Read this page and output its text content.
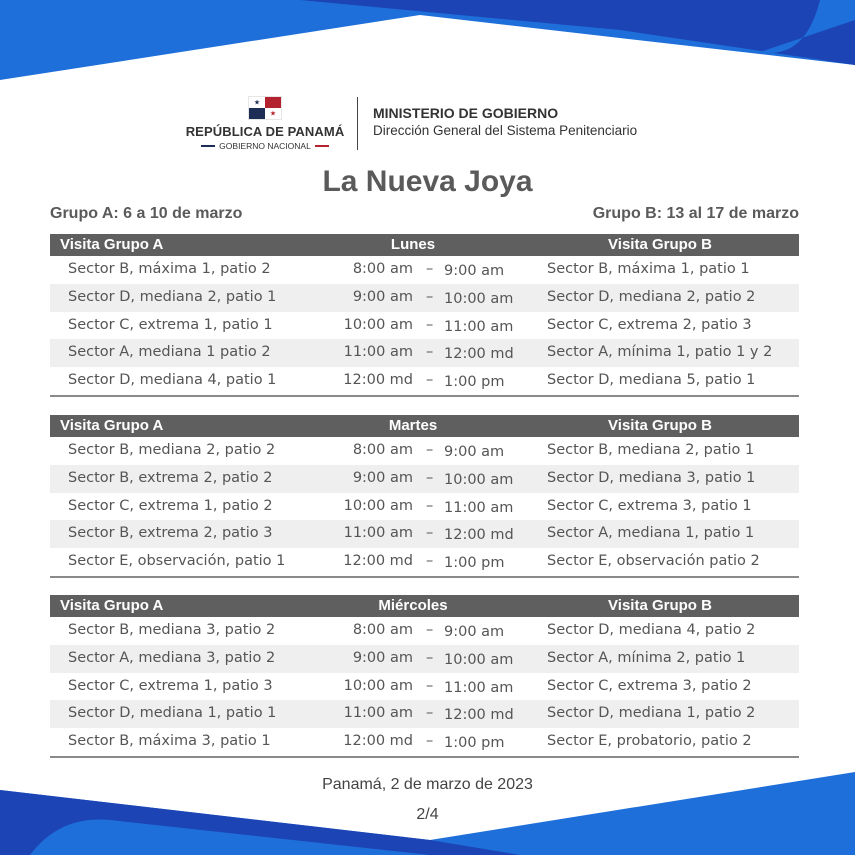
★
★
REPÚBLICA DE PANAMÁ
GOBIERNO NACIONAL
MINISTERIO DE GOBIERNO
Dirección General del Sistema Penitenciario
La Nueva Joya
Grupo A: 6 a 10 de marzo	Grupo B: 13 al 17 de marzo
Visita Grupo A	Lunes	Visita Grupo B
Sector B, máxima 1, patio 2	8:00 am – 9:00 am	Sector B, máxima 1, patio 1
Sector D, mediana 2, patio 1	9:00 am – 10:00 am Sector D, mediana 2, patio 2
Sector C, extrema 1, patio 1	10:00 am – 11:00 am Sector C, extrema 2, patio 3
Sector A, mediana 1 patio 2	11:00 am – 12:00 md Sector A, mínima 1, patio 1 y 2
Sector D, mediana 4, patio 1	12:00 md – 1:00 pm	Sector D, mediana 5, patio 1
Visita Grupo A	Martes	Visita Grupo B
Sector B, mediana 2, patio 2	8:00 am – 9:00 am	Sector B, mediana 2, patio 1
Sector B, extrema 2, patio 2	9:00 am – 10:00 am Sector D, mediana 3, patio 1
Sector C, extrema 1, patio 2	10:00 am – 11:00 am Sector C, extrema 3, patio 1
Sector B, extrema 2, patio 3	11:00 am – 12:00 md Sector A, mediana 1, patio 1
Sector E, observación, patio 1	12:00 md – 1:00 pm	Sector E, observación patio 2
Visita Grupo A	Miércoles	Visita Grupo B
Sector B, mediana 3, patio 2	8:00 am – 9:00 am	Sector D, mediana 4, patio 2
Sector A, mediana 3, patio 2	9:00 am – 10:00 am Sector A, mínima 2, patio 1
Sector C, extrema 1, patio 3	10:00 am – 11:00 am Sector C, extrema 3, patio 2
Sector D, mediana 1, patio 1	11:00 am – 12:00 md Sector D, mediana 1, patio 2
Sector B, máxima 3, patio 1	12:00 md – 1:00 pm	Sector E, probatorio, patio 2
Panamá, 2 de marzo de 2023
2/4
